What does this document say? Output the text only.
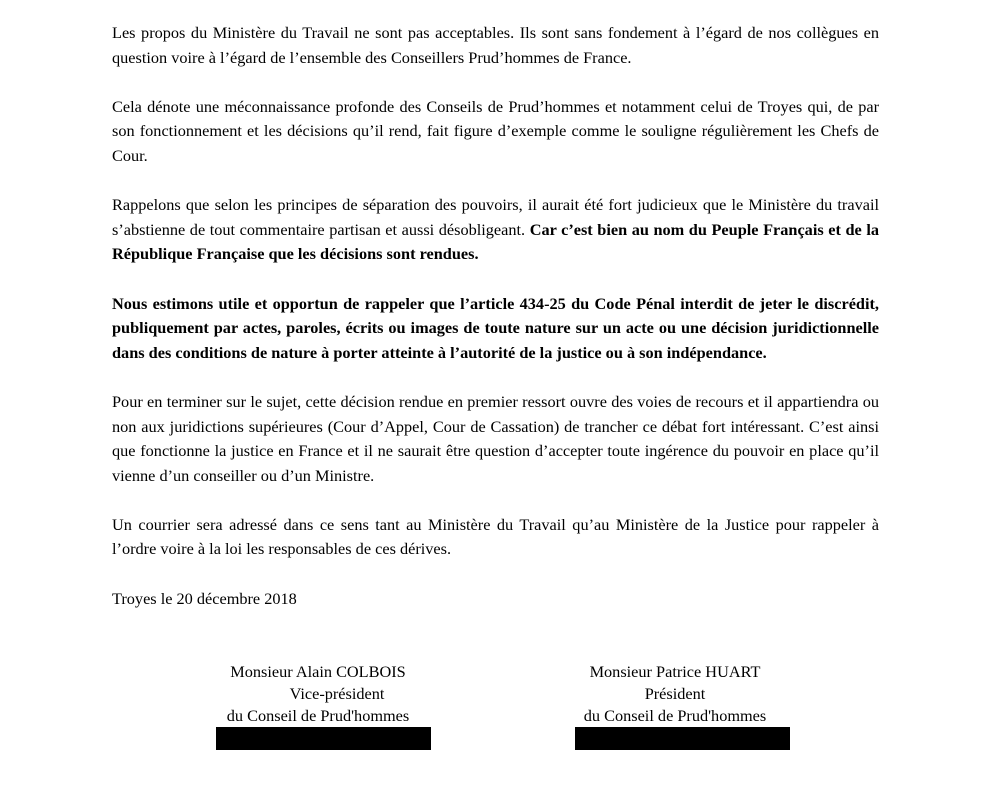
Les propos du Ministère du Travail ne sont pas acceptables. Ils sont sans fondement à l’égard de nos collègues en question voire à l’égard de l’ensemble des Conseillers Prud’hommes de France.

Cela dénote une méconnaissance profonde des Conseils de Prud’hommes et notamment celui de Troyes qui, de par son fonctionnement et les décisions qu’il rend, fait figure d’exemple comme le souligne régulièrement les Chefs de Cour.

Rappelons que selon les principes de séparation des pouvoirs, il aurait été fort judicieux que le Ministère du travail s’abstienne de tout commentaire partisan et aussi désobligeant. Car c’est bien au nom du Peuple Français et de la République Française que les décisions sont rendues.

Nous estimons utile et opportun de rappeler que l’article 434-25 du Code Pénal interdit de jeter le discrédit, publiquement par actes, paroles, écrits ou images de toute nature sur un acte ou une décision juridictionnelle dans des conditions de nature à porter atteinte à l’autorité de la justice ou à son indépendance.

Pour en terminer sur le sujet, cette décision rendue en premier ressort ouvre des voies de recours et il appartiendra ou non aux juridictions supérieures (Cour d’Appel, Cour de Cassation) de trancher ce débat fort intéressant. C’est ainsi que fonctionne la justice en France et il ne saurait être question d’accepter toute ingérence du pouvoir en place qu’il vienne d’un conseiller ou d’un Ministre.

Un courrier sera adressé dans ce sens tant au Ministère du Travail qu’au Ministère de la Justice pour rappeler à l’ordre voire à la loi les responsables de ces dérives.

Troyes le 20 décembre 2018

Monsieur Alain COLBOIS
Vice-président
du Conseil de Prud'hommes
Monsieur Patrice HUART
Président
du Conseil de Prud'hommes
